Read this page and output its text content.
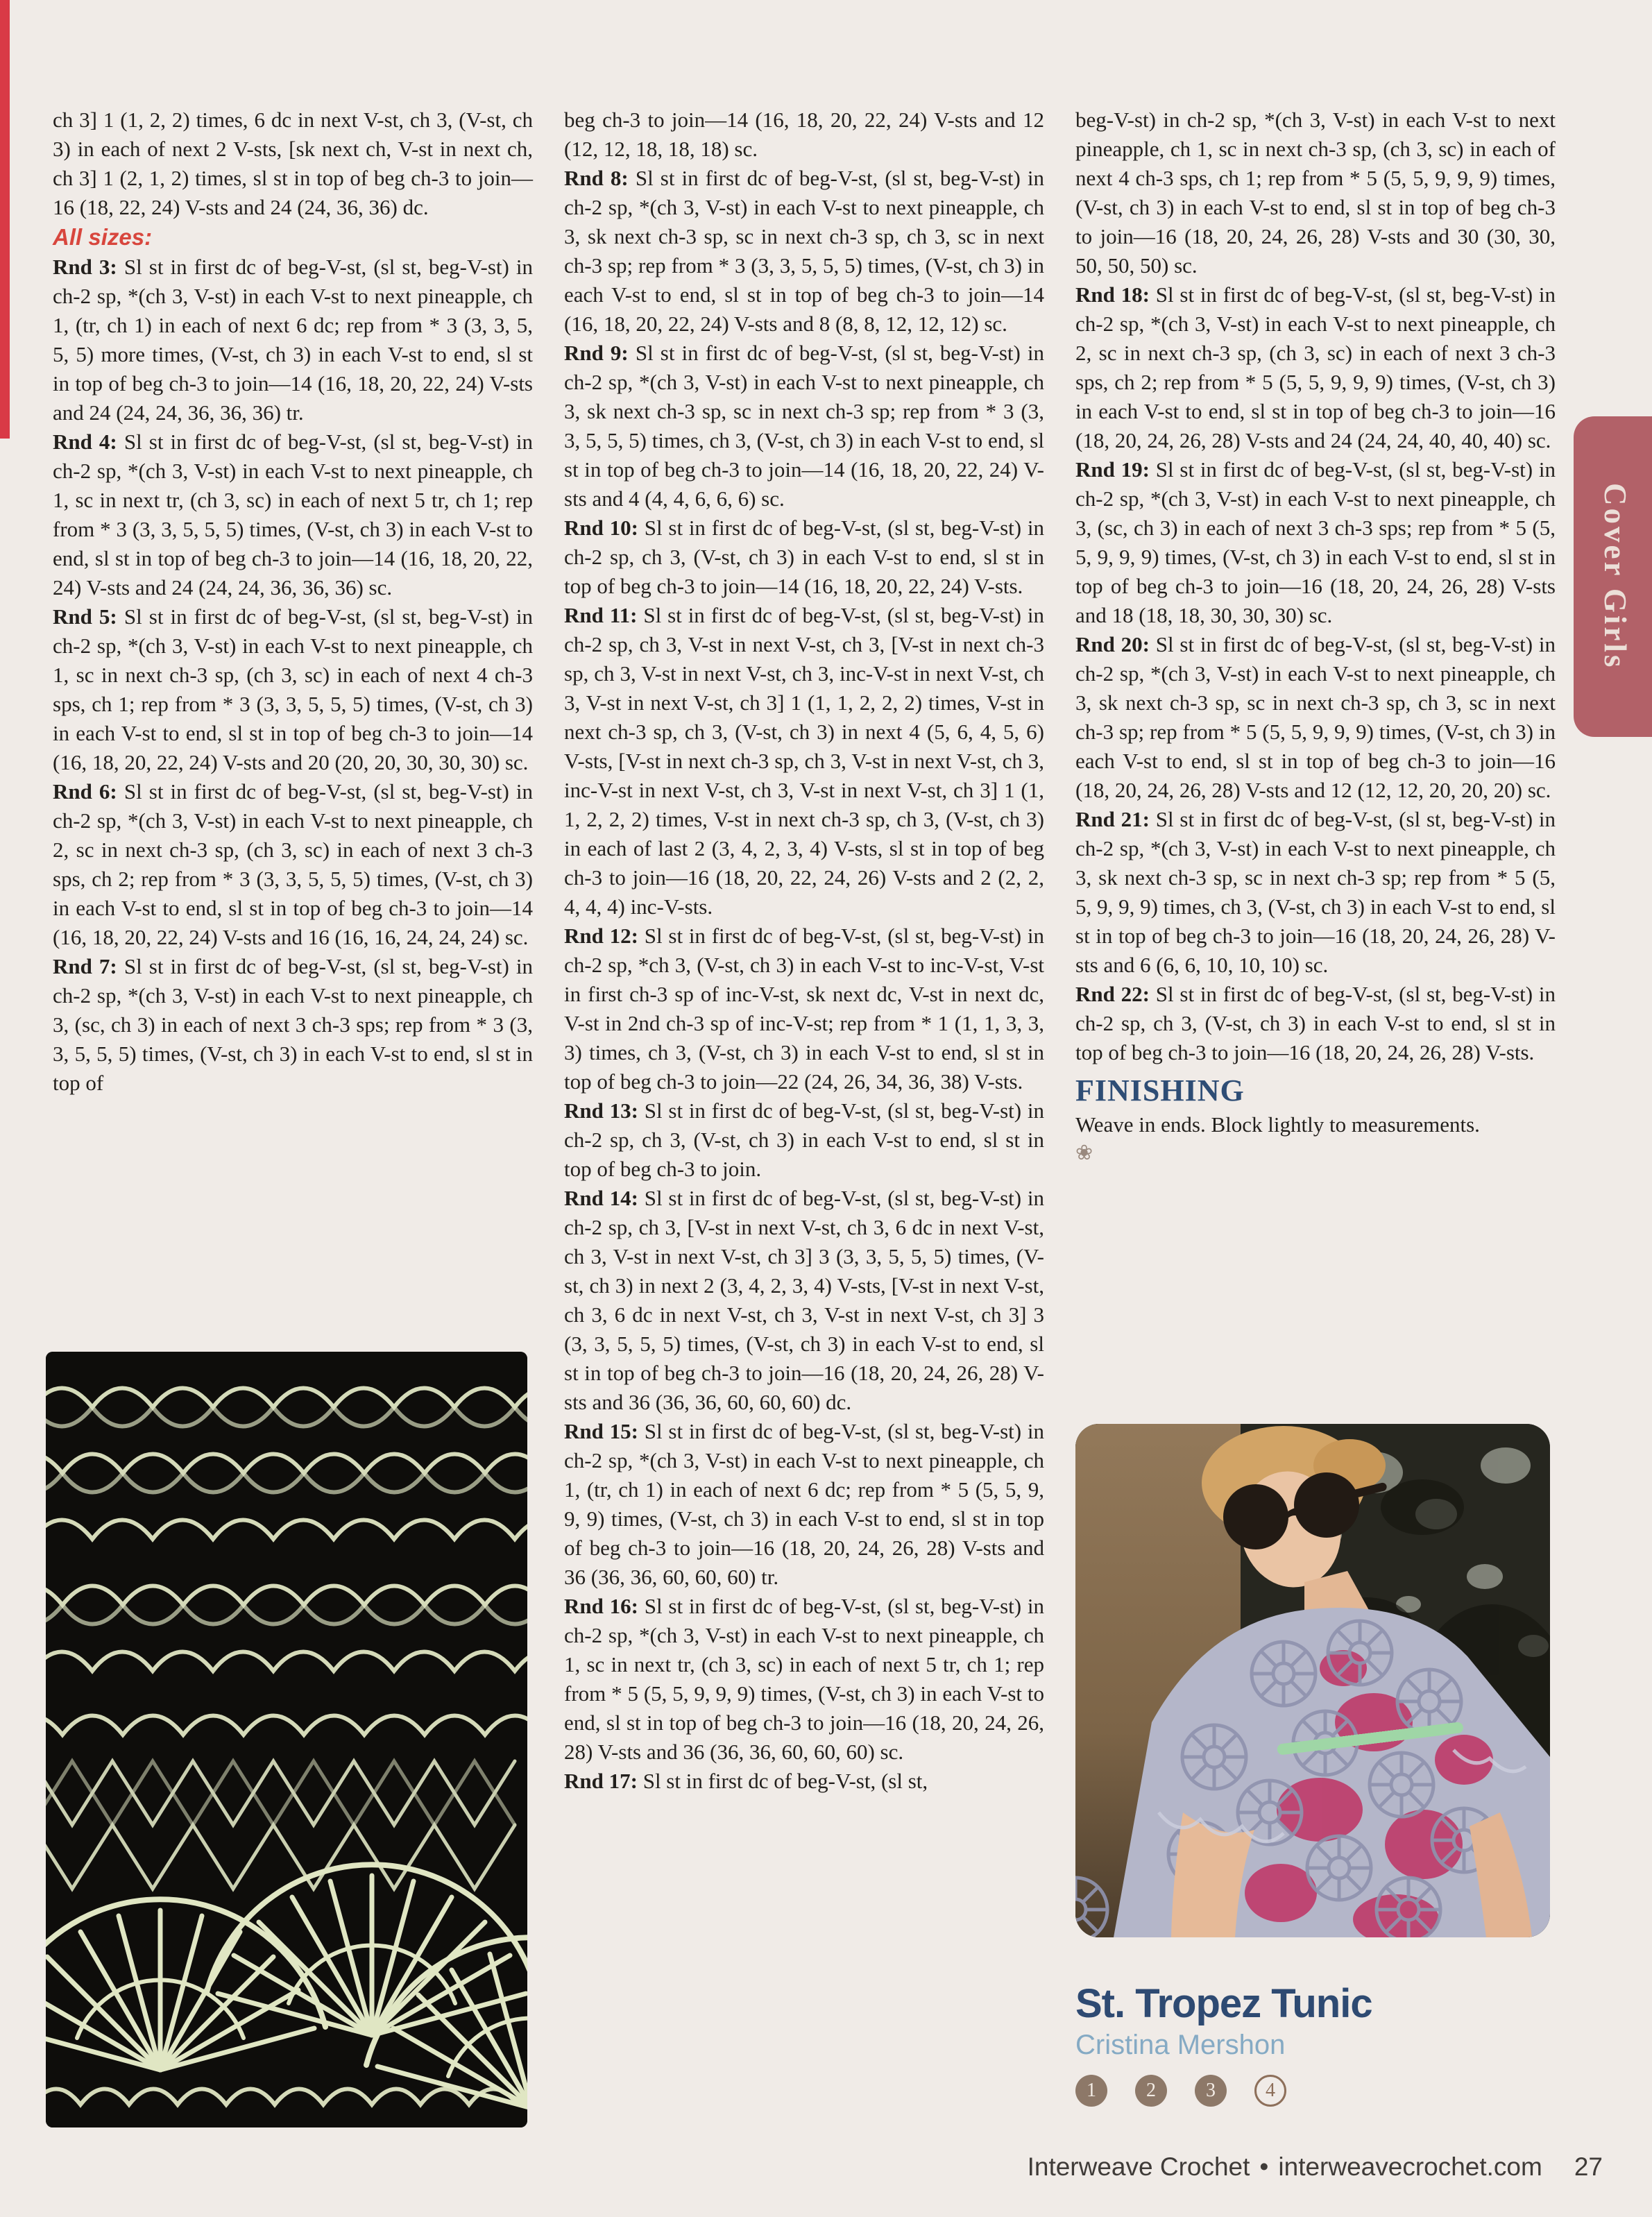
ch 3] 1 (1, 2, 2) times, 6 dc in next V-st, ch 3, (V-st, ch 3) in each of next 2 V-sts, [sk next ch, V-st in next ch, ch 3] 1 (2, 1, 2) times, sl st in top of beg ch-3 to join—16 (18, 22, 24) V-sts and 24 (24, 36, 36) dc.

All sizes:

Rnd 3: Sl st in first dc of beg-V-st, (sl st, beg-V-st) in ch-2 sp, *(ch 3, V-st) in each V-st to next pineapple, ch 1, (tr, ch 1) in each of next 6 dc; rep from * 3 (3, 3, 5, 5, 5) more times, (V-st, ch 3) in each V-st to end, sl st in top of beg ch-3 to join—14 (16, 18, 20, 22, 24) V-sts and 24 (24, 24, 36, 36, 36) tr.

Rnd 4: Sl st in first dc of beg-V-st, (sl st, beg-V-st) in ch-2 sp, *(ch 3, V-st) in each V-st to next pineapple, ch 1, sc in next tr, (ch 3, sc) in each of next 5 tr, ch 1; rep from * 3 (3, 3, 5, 5, 5) times, (V-st, ch 3) in each V-st to end, sl st in top of beg ch-3 to join—14 (16, 18, 20, 22, 24) V-sts and 24 (24, 24, 36, 36, 36) sc.

Rnd 5: Sl st in first dc of beg-V-st, (sl st, beg-V-st) in ch-2 sp, *(ch 3, V-st) in each V-st to next pineapple, ch 1, sc in next ch-3 sp, (ch 3, sc) in each of next 4 ch-3 sps, ch 1; rep from * 3 (3, 3, 5, 5, 5) times, (V-st, ch 3) in each V-st to end, sl st in top of beg ch-3 to join—14 (16, 18, 20, 22, 24) V-sts and 20 (20, 20, 30, 30, 30) sc.

Rnd 6: Sl st in first dc of beg-V-st, (sl st, beg-V-st) in ch-2 sp, *(ch 3, V-st) in each V-st to next pineapple, ch 2, sc in next ch-3 sp, (ch 3, sc) in each of next 3 ch-3 sps, ch 2; rep from * 3 (3, 3, 5, 5, 5) times, (V-st, ch 3) in each V-st to end, sl st in top of beg ch-3 to join—14 (16, 18, 20, 22, 24) V-sts and 16 (16, 16, 24, 24, 24) sc.

Rnd 7: Sl st in first dc of beg-V-st, (sl st, beg-V-st) in ch-2 sp, *(ch 3, V-st) in each V-st to next pineapple, ch 3, (sc, ch 3) in each of next 3 ch-3 sps; rep from * 3 (3, 3, 5, 5, 5) times, (V-st, ch 3) in each V-st to end, sl st in top of

beg ch-3 to join—14 (16, 18, 20, 22, 24) V-sts and 12 (12, 12, 18, 18, 18) sc.

Rnd 8: Sl st in first dc of beg-V-st, (sl st, beg-V-st) in ch-2 sp, *(ch 3, V-st) in each V-st to next pineapple, ch 3, sk next ch-3 sp, sc in next ch-3 sp, ch 3, sc in next ch-3 sp; rep from * 3 (3, 3, 5, 5, 5) times, (V-st, ch 3) in each V-st to end, sl st in top of beg ch-3 to join—14 (16, 18, 20, 22, 24) V-sts and 8 (8, 8, 12, 12, 12) sc.

Rnd 9: Sl st in first dc of beg-V-st, (sl st, beg-V-st) in ch-2 sp, *(ch 3, V-st) in each V-st to next pineapple, ch 3, sk next ch-3 sp, sc in next ch-3 sp; rep from * 3 (3, 3, 5, 5, 5) times, ch 3, (V-st, ch 3) in each V-st to end, sl st in top of beg ch-3 to join—14 (16, 18, 20, 22, 24) V-sts and 4 (4, 4, 6, 6, 6) sc.

Rnd 10: Sl st in first dc of beg-V-st, (sl st, beg-V-st) in ch-2 sp, ch 3, (V-st, ch 3) in each V-st to end, sl st in top of beg ch-3 to join—14 (16, 18, 20, 22, 24) V-sts.

Rnd 11: Sl st in first dc of beg-V-st, (sl st, beg-V-st) in ch-2 sp, ch 3, V-st in next V-st, ch 3, [V-st in next ch-3 sp, ch 3, V-st in next V-st, ch 3, inc-V-st in next V-st, ch 3, V-st in next V-st, ch 3] 1 (1, 1, 2, 2, 2) times, V-st in next ch-3 sp, ch 3, (V-st, ch 3) in next 4 (5, 6, 4, 5, 6) V-sts, [V-st in next ch-3 sp, ch 3, V-st in next V-st, ch 3, inc-V-st in next V-st, ch 3, V-st in next V-st, ch 3] 1 (1, 1, 2, 2, 2) times, V-st in next ch-3 sp, ch 3, (V-st, ch 3) in each of last 2 (3, 4, 2, 3, 4) V-sts, sl st in top of beg ch-3 to join—16 (18, 20, 22, 24, 26) V-sts and 2 (2, 2, 4, 4, 4) inc-V-sts.

Rnd 12: Sl st in first dc of beg-V-st, (sl st, beg-V-st) in ch-2 sp, *ch 3, (V-st, ch 3) in each V-st to inc-V-st, V-st in first ch-3 sp of inc-V-st, sk next dc, V-st in next dc, V-st in 2nd ch-3 sp of inc-V-st; rep from * 1 (1, 1, 3, 3, 3) times, ch 3, (V-st, ch 3) in each V-st to end, sl st in top of beg ch-3 to join—22 (24, 26, 34, 36, 38) V-sts.

Rnd 13: Sl st in first dc of beg-V-st, (sl st, beg-V-st) in ch-2 sp, ch 3, (V-st, ch 3) in each V-st to end, sl st in top of beg ch-3 to join.

Rnd 14: Sl st in first dc of beg-V-st, (sl st, beg-V-st) in ch-2 sp, ch 3, [V-st in next V-st, ch 3, 6 dc in next V-st, ch 3, V-st in next V-st, ch 3] 3 (3, 3, 5, 5, 5) times, (V-st, ch 3) in next 2 (3, 4, 2, 3, 4) V-sts, [V-st in next V-st, ch 3, 6 dc in next V-st, ch 3, V-st in next V-st, ch 3] 3 (3, 3, 5, 5, 5) times, (V-st, ch 3) in each V-st to end, sl st in top of beg ch-3 to join—16 (18, 20, 24, 26, 28) V-sts and 36 (36, 36, 60, 60, 60) dc.

Rnd 15: Sl st in first dc of beg-V-st, (sl st, beg-V-st) in ch-2 sp, *(ch 3, V-st) in each V-st to next pineapple, ch 1, (tr, ch 1) in each of next 6 dc; rep from * 5 (5, 5, 9, 9, 9) times, (V-st, ch 3) in each V-st to end, sl st in top of beg ch-3 to join—16 (18, 20, 24, 26, 28) V-sts and 36 (36, 36, 60, 60, 60) tr.

Rnd 16: Sl st in first dc of beg-V-st, (sl st, beg-V-st) in ch-2 sp, *(ch 3, V-st) in each V-st to next pineapple, ch 1, sc in next tr, (ch 3, sc) in each of next 5 tr, ch 1; rep from * 5 (5, 5, 9, 9, 9) times, (V-st, ch 3) in each V-st to end, sl st in top of beg ch-3 to join—16 (18, 20, 24, 26, 28) V-sts and 36 (36, 36, 60, 60, 60) sc.

Rnd 17: Sl st in first dc of beg-V-st, (sl st,

beg-V-st) in ch-2 sp, *(ch 3, V-st) in each V-st to next pineapple, ch 1, sc in next ch-3 sp, (ch 3, sc) in each of next 4 ch-3 sps, ch 1; rep from * 5 (5, 5, 9, 9, 9) times, (V-st, ch 3) in each V-st to end, sl st in top of beg ch-3 to join—16 (18, 20, 24, 26, 28) V-sts and 30 (30, 30, 50, 50, 50) sc.

Rnd 18: Sl st in first dc of beg-V-st, (sl st, beg-V-st) in ch-2 sp, *(ch 3, V-st) in each V-st to next pineapple, ch 2, sc in next ch-3 sp, (ch 3, sc) in each of next 3 ch-3 sps, ch 2; rep from * 5 (5, 5, 9, 9, 9) times, (V-st, ch 3) in each V-st to end, sl st in top of beg ch-3 to join—16 (18, 20, 24, 26, 28) V-sts and 24 (24, 24, 40, 40, 40) sc.

Rnd 19: Sl st in first dc of beg-V-st, (sl st, beg-V-st) in ch-2 sp, *(ch 3, V-st) in each V-st to next pineapple, ch 3, (sc, ch 3) in each of next 3 ch-3 sps; rep from * 5 (5, 5, 9, 9, 9) times, (V-st, ch 3) in each V-st to end, sl st in top of beg ch-3 to join—16 (18, 20, 24, 26, 28) V-sts and 18 (18, 18, 30, 30, 30) sc.

Rnd 20: Sl st in first dc of beg-V-st, (sl st, beg-V-st) in ch-2 sp, *(ch 3, V-st) in each V-st to next pineapple, ch 3, sk next ch-3 sp, sc in next ch-3 sp, ch 3, sc in next ch-3 sp; rep from * 5 (5, 5, 9, 9, 9) times, (V-st, ch 3) in each V-st to end, sl st in top of beg ch-3 to join—16 (18, 20, 24, 26, 28) V-sts and 12 (12, 12, 20, 20, 20) sc.

Rnd 21: Sl st in first dc of beg-V-st, (sl st, beg-V-st) in ch-2 sp, *(ch 3, V-st) in each V-st to next pineapple, ch 3, sk next ch-3 sp, sc in next ch-3 sp; rep from * 5 (5, 5, 9, 9, 9) times, ch 3, (V-st, ch 3) in each V-st to end, sl st in top of beg ch-3 to join—16 (18, 20, 24, 26, 28) V-sts and 6 (6, 6, 10, 10, 10) sc.

Rnd 22: Sl st in first dc of beg-V-st, (sl st, beg-V-st) in ch-2 sp, ch 3, (V-st, ch 3) in each V-st to end, sl st in top of beg ch-3 to join—16 (18, 20, 24, 26, 28) V-sts.

FINISHING

Weave in ends. Block lightly to measurements.

❀

St. Tropez Tunic

Cristina Mershon

1	2	3	4
Cover Girls
Interweave Crochet • interweavecrochet.com 27
